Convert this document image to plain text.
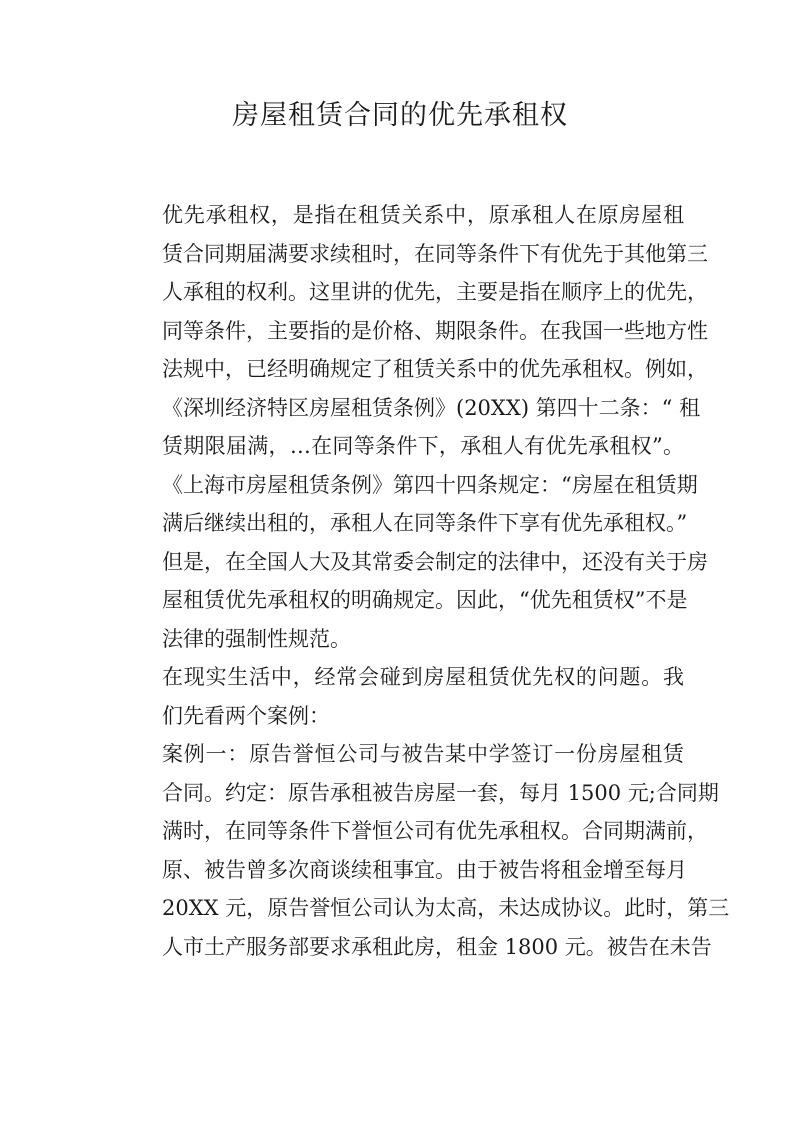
房屋租赁合同的优先承租权

优先承租权，是指在租赁关系中，原承租人在原房屋租
赁合同期届满要求续租时，在同等条件下有优先于其他第三
人承租的权利。这里讲的优先，主要是指在顺序上的优先，
同等条件，主要指的是价格、期限条件。在我国一些地方性
法规中，已经明确规定了租赁关系中的优先承租权。例如，
《深圳经济特区房屋租赁条例》(20XX) 第四十二条：“ 租
赁期限届满，…在同等条件下，承租人有优先承租权”。
《上海市房屋租赁条例》第四十四条规定：“房屋在租赁期
满后继续出租的，承租人在同等条件下享有优先承租权。”
但是，在全国人大及其常委会制定的法律中，还没有关于房
屋租赁优先承租权的明确规定。因此，“优先租赁权”不是
法律的强制性规范。

在现实生活中，经常会碰到房屋租赁优先权的问题。我
们先看两个案例：

案例一：原告誉恒公司与被告某中学签订一份房屋租赁
合同。约定：原告承租被告房屋一套，每月 1500 元;合同期
满时，在同等条件下誉恒公司有优先承租权。合同期满前，
原、被告曾多次商谈续租事宜。由于被告将租金增至每月
20XX 元，原告誉恒公司认为太高，未达成协议。此时，第三
人市土产服务部要求承租此房，租金 1800 元。被告在未告
